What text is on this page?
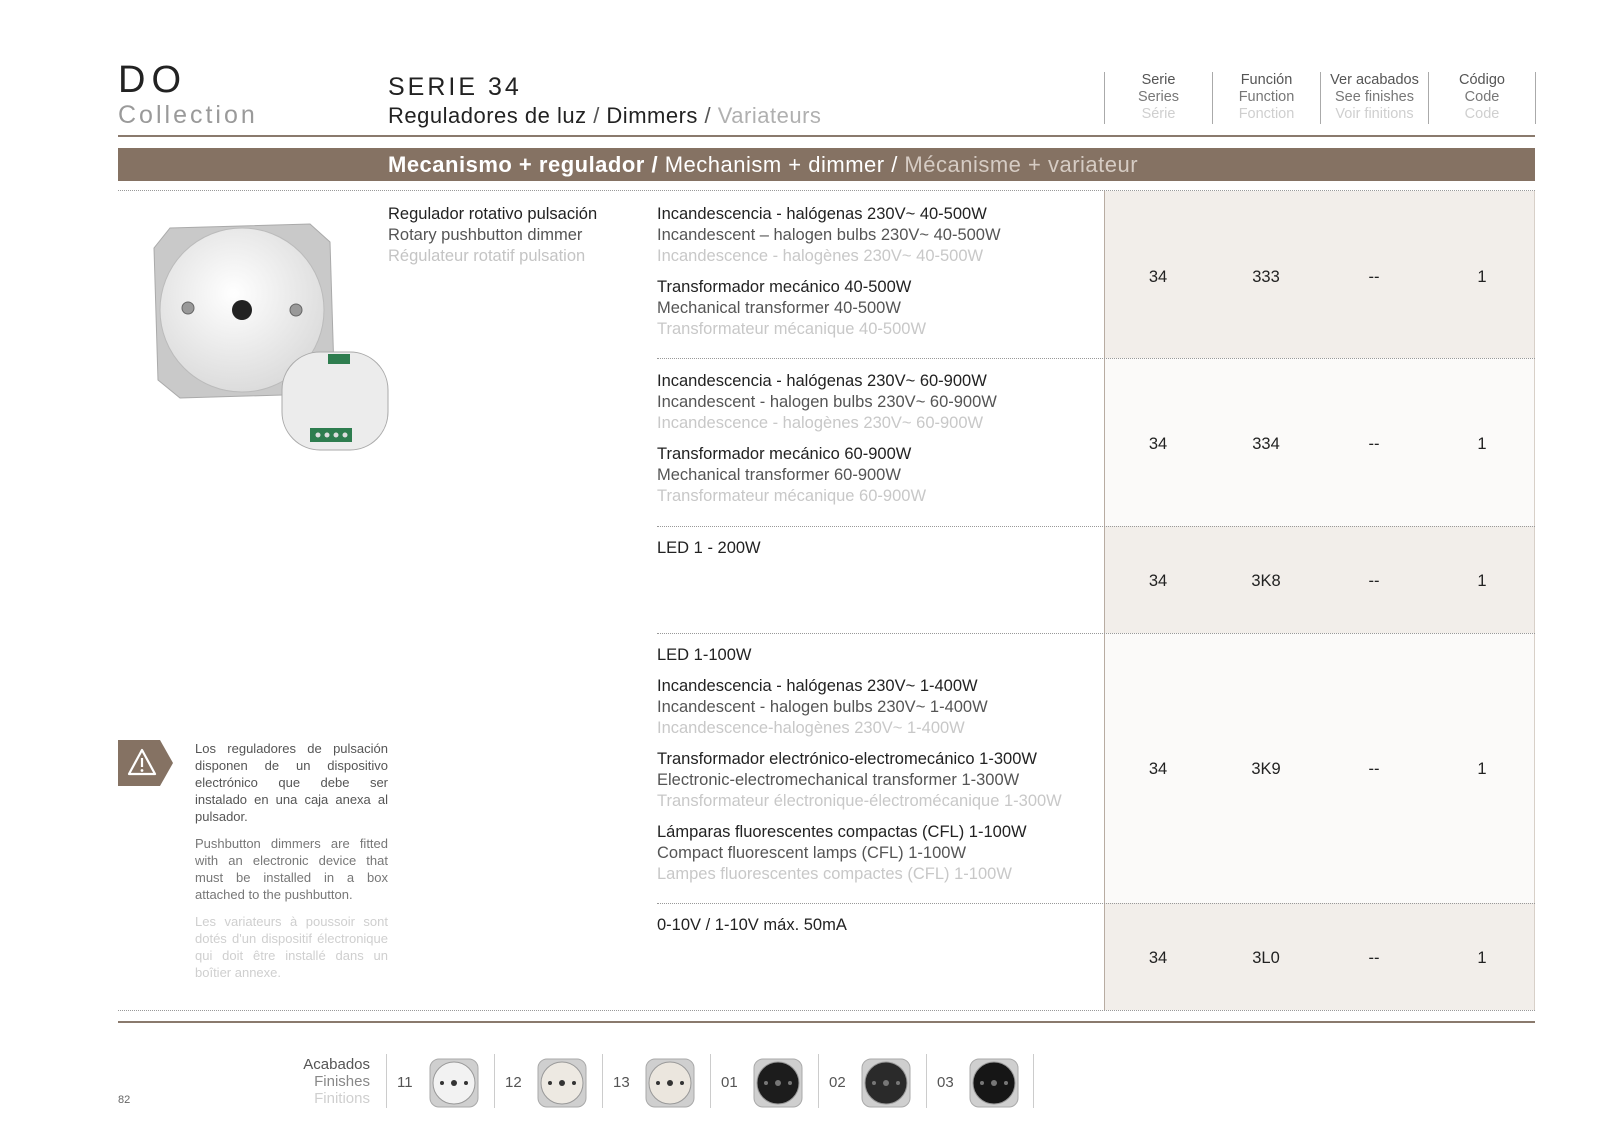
DO
Collection
SERIE 34
Reguladores de luz / Dimmers / Variateurs
Serie
Series
Série
Función
Function
Fonction
Ver acabados
See finishes
Voir finitions
Código
Code
Code
Mecanismo + regulador / Mechanism + dimmer / Mécanisme + variateur
Regulador rotativo pulsación
Rotary pushbutton dimmer
Régulateur rotatif pulsation
Incandescencia - halógenas 230V~ 40-500W
Incandescent – halogen bulbs 230V~ 40-500W
Incandescence - halogènes 230V~ 40-500W
Transformador mecánico 40-500W
Mechanical transformer 40-500W
Transformateur mécanique 40-500W
34	333	--	1
Incandescencia - halógenas 230V~ 60-900W
Incandescent - halogen bulbs 230V~ 60-900W
Incandescence - halogènes 230V~ 60-900W
Transformador mecánico 60-900W
Mechanical transformer 60-900W
Transformateur mécanique 60-900W
34	334	--	1
LED 1 - 200W
34	3K8	--	1
LED 1-100W
Incandescencia - halógenas 230V~ 1-400W
Incandescent - halogen bulbs 230V~ 1-400W
Incandescence-halogènes 230V~ 1-400W
Transformador electrónico-electromecánico 1-300W
Electronic-electromechanical transformer 1-300W
Transformateur électronique-électromécanique 1-300W
Lámparas fluorescentes compactas (CFL) 1-100W
Compact fluorescent lamps (CFL) 1-100W
Lampes fluorescentes compactes (CFL) 1-100W
34	3K9	--	1
0-10V / 1-10V máx. 50mA
34	3L0	--	1

Los reguladores de pulsación disponen de un dispositivo electrónico que debe ser instalado en una caja anexa al pulsador.

Pushbutton dimmers are fitted with an electronic device that must be installed in a box attached to the pushbutton.

Les variateurs à poussoir sont dotés d'un dispositif électronique qui doit être installé dans un boîtier annexe.

Acabados
Finishes
Finitions
11	12	13	01	02	03
82
